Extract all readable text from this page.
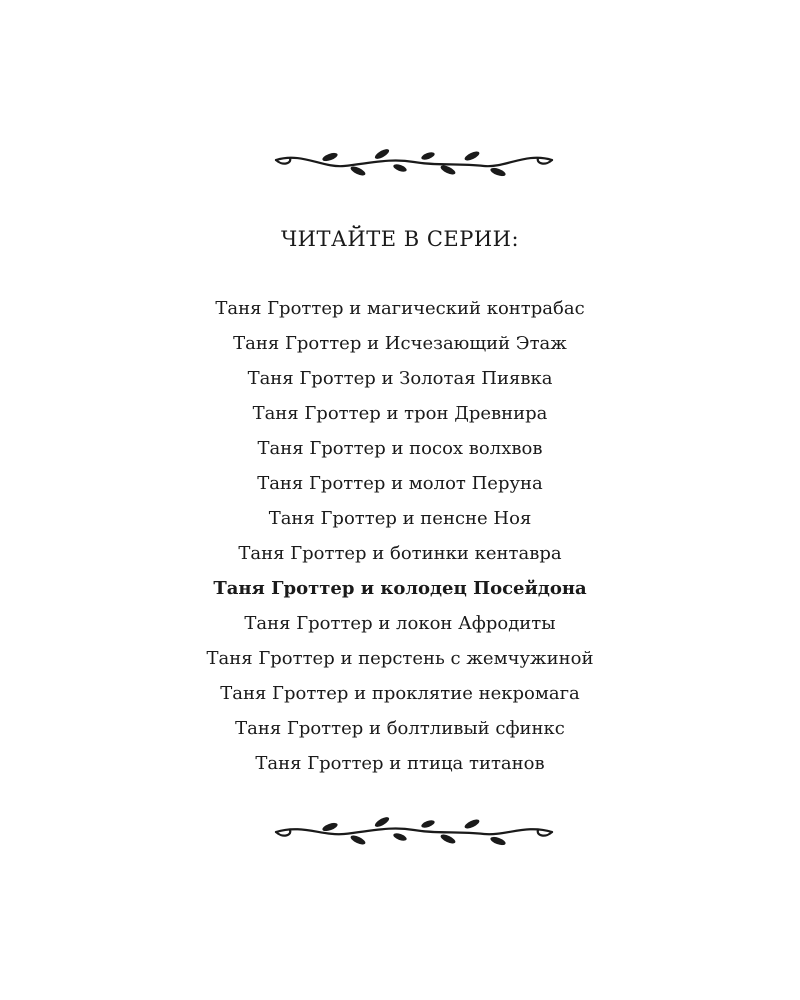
ЧИТАЙТЕ В СЕРИИ:
Таня Гроттер и магический контрабас
Таня Гроттер и Исчезающий Этаж
Таня Гроттер и Золотая Пиявка
Таня Гроттер и трон Древнира
Таня Гроттер и посох волхвов
Таня Гроттер и молот Перуна
Таня Гроттер и пенсне Ноя
Таня Гроттер и ботинки кентавра
Таня Гроттер и колодец Посейдона
Таня Гроттер и локон Афродиты
Таня Гроттер и перстень с жемчужиной
Таня Гроттер и проклятие некромага
Таня Гроттер и болтливый сфинкс
Таня Гроттер и птица титанов
